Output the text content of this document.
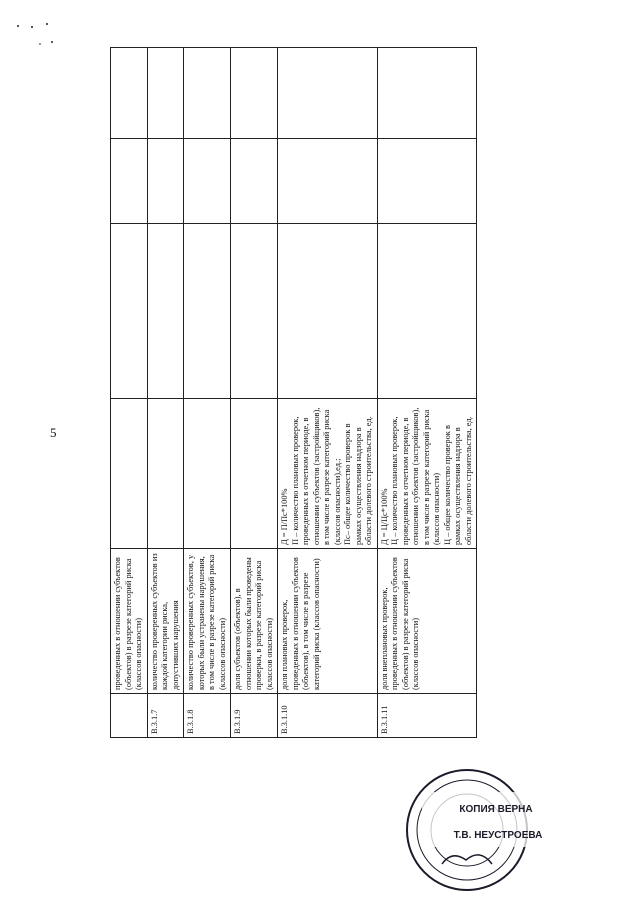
5
	проведенных в отношении субъектов (объектов) в разрезе категорий риска (классов опасности)				
В.3.1.7	количество проверенных субъектов из каждой категории риска, допустивших нарушения				
В.3.1.8	количество проверенных субъектов, у которых были устранены нарушения, в том числе в разрезе категорий риска (классов опасности)				
В.3.1.9	доля субъектов (объектов), в отношении которых были проведены проверки, в разрезе категорий риска (классов опасности)				
В.3.1.10	доля плановых проверок, проведенных в отношении субъектов (объектов), в том числе в разрезе категорий риска (классов опасности)	Д = П/Пс*100%
П – количество плановых проверок, проведенных в отчетном периоде, в отношении субъектов (застройщиков), в том числе в разрезе категорий риска (классов опасности),ед.;
Пс– общее количество проверок в рамках осуществления надзора в области долевого строительства, ед.			
В.3.1.11	доля внеплановых проверок, проведенных в отношении субъектов (объектов) в разрезе категорий риска (классов опасности)	Д = Ц/Цс*100%
Ц – количество плановых проверок, проведенных в отчетном периоде, в отношении субъектов (застройщиков), в том числе в разрезе категорий риска (классов опасности)
Ц – общее количество проверок в рамках осуществления надзора в области долевого строительства, ед.			
КОПИЯ ВЕРНА
Т.В. НЕУСТРОЕВА
